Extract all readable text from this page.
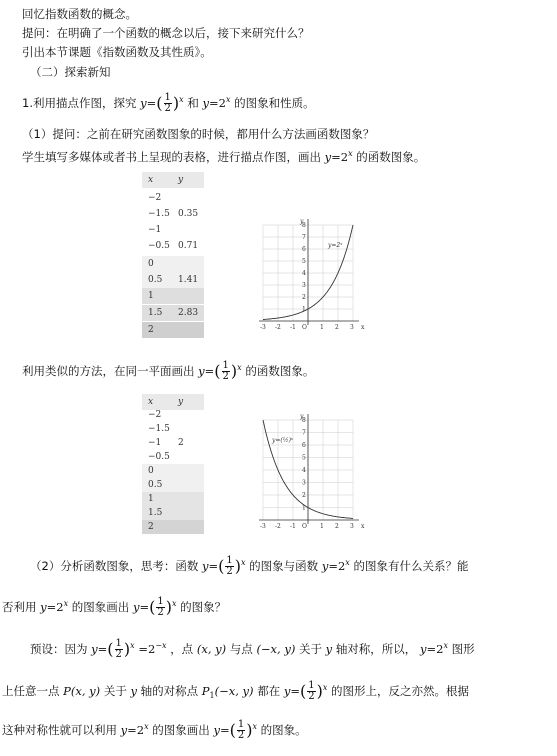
回忆指数函数的概念。
提问：在明确了一个函数的概念以后，接下来研究什么？
引出本节课题《指数函数及其性质》。
（二）探索新知
1.利用描点作图，探究 $y=( \frac{1}{2} )^x$ 和 $y=2^x$ 的图象和性质。
（1）提问：之前在研究函数图象的时候，都用什么方法画函数图象？
学生填写多媒体或者书上呈现的表格，进行描点作图，画出 $y=2^x$ 的函数图象。
x	y
−2
−1.5 0.35
−1
−0.5 0.71
0
0.5 1.41
1
1.5 2.83
2	-3 -2 -1 O 1 2 3 x
1
2
3
4
5
6
7
8
y
y=2ˣ
利用类似的方法，在同一平面画出 $y=( \frac{1}{2} )^x$ 的函数图象。
x	y
−2
−1.5
−1 2
−0.5
0
0.5
1
1.5
2	-3 -2 -1 O 1 2 3 x
1
2
3
4
5
6
7
8
y
y=(½)ˣ
（2）分析函数图象，思考：函数 $y=( \frac{1}{2} )^x$ 的图象与函数 $y=2^x$ 的图象有什么关系？能
否利用 $y=2^x$ 的图象画出 $y=( \frac{1}{2} )^x$ 的图象？
预设：因为 $y=( \frac{1}{2} )^x =2^{-x}$ ，点 (x, y) 与点 (−x, y) 关于 y 轴对称，所以， $y=2^x$ 图形
上任意一点 P(x, y) 关于 y 轴的对称点 $P_1(-x$, y) 都在 $y=( \frac{1}{2} )^x$ 的图形上，反之亦然。根据
这种对称性就可以利用 $y=2^x$ 的图象画出 $y=( \frac{1}{2} )^x$ 的图象。
